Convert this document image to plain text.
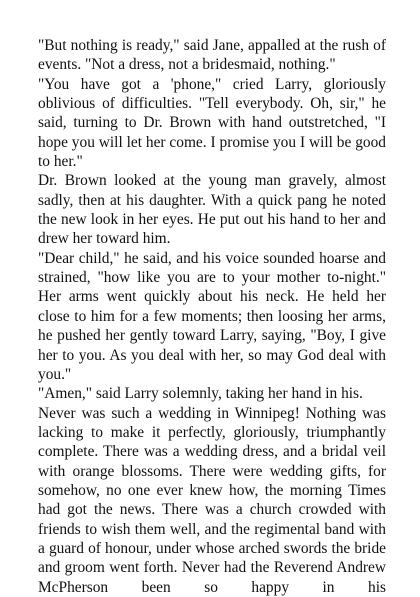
"But nothing is ready," said Jane, appalled at the rush of events. "Not a dress, not a bridesmaid, nothing."

"You have got a 'phone," cried Larry, gloriously oblivious of difficulties. "Tell everybody. Oh, sir," he said, turning to Dr. Brown with hand outstretched, "I hope you will let her come. I promise you I will be good to her."

Dr. Brown looked at the young man gravely, almost sadly, then at his daughter. With a quick pang he noted the new look in her eyes. He put out his hand to her and drew her toward him.

"Dear child," he said, and his voice sounded hoarse and strained, "how like you are to your mother to-night." Her arms went quickly about his neck. He held her close to him for a few moments; then loosing her arms, he pushed her gently toward Larry, saying, "Boy, I give her to you. As you deal with her, so may God deal with you."

"Amen," said Larry solemnly, taking her hand in his.

Never was such a wedding in Winnipeg! Nothing was lacking to make it perfectly, gloriously, triumphantly complete. There was a wedding dress, and a bridal veil with orange blossoms. There were wedding gifts, for somehow, no one ever knew how, the morning Times had got the news. There was a church crowded with friends to wish them well, and the regimental band with a guard of honour, under whose arched swords the bride and groom went forth. Never had the Reverend Andrew McPherson been so happy in his
